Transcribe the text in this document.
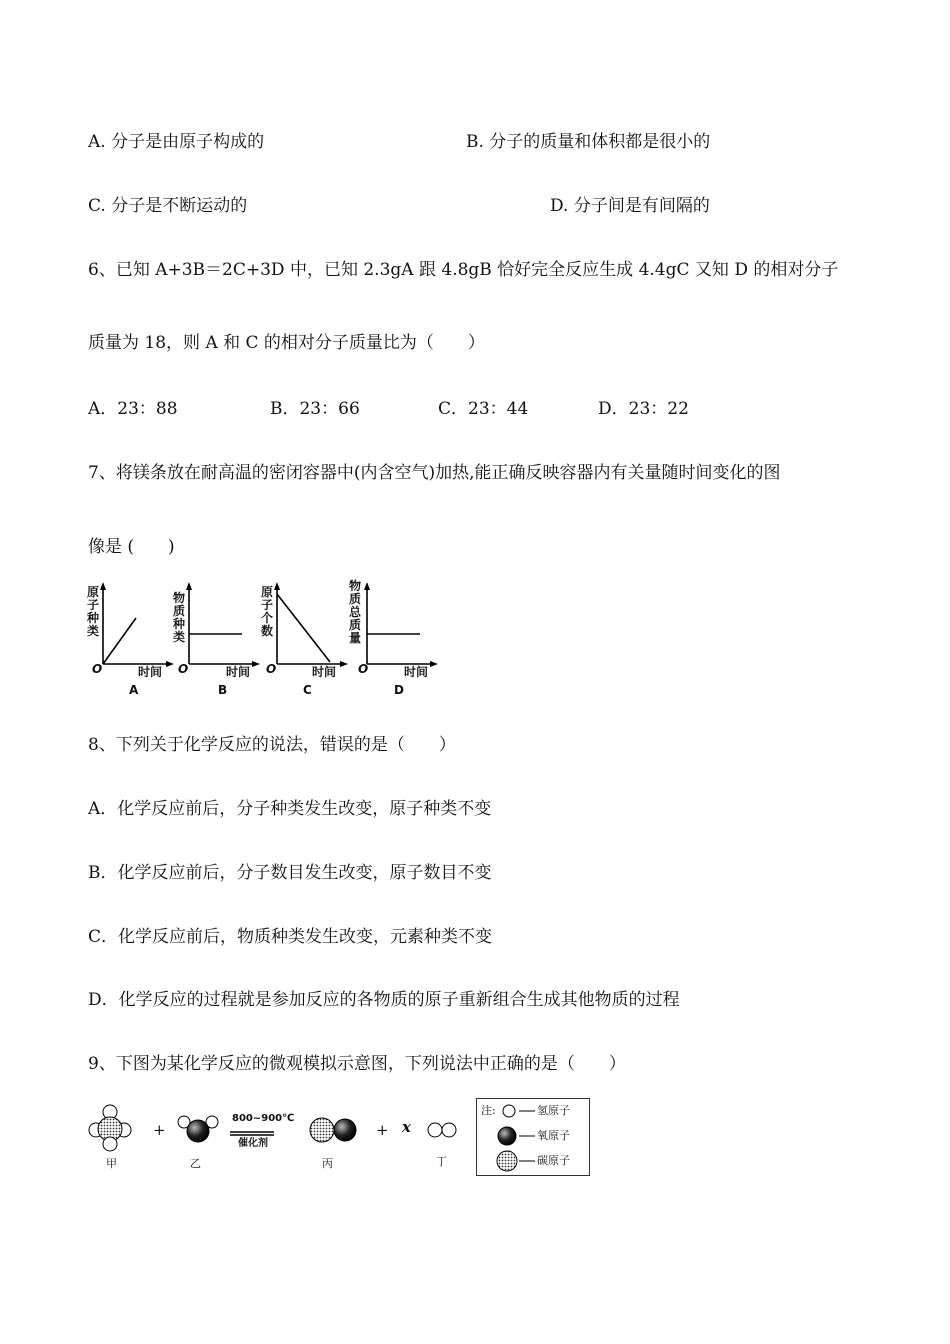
A. 分子是由原子构成的	B. 分子的质量和体积都是很小的
C. 分子是不断运动的	D. 分子间是有间隔的
6、已知 A+3B＝2C+3D 中，已知 2.3gA 跟 4.8gB 恰好完全反应生成 4.4gC 又知 D 的相对分子
质量为 18，则 A 和 C 的相对分子质量比为（　　）
A．23：88	B．23：66	C．23：44	D．23：22
7、将镁条放在耐高温的密闭容器中(内含空气)加热,能正确反映容器内有关量随时间变化的图
像是 (　　)
原子种类
O	时间
A
物质种类
O	时间
B
原子个数
O	时间
C
物质总质量
O	时间
D
8、下列关于化学反应的说法，错误的是（　　）
A．化学反应前后，分子种类发生改变，原子种类不变
B．化学反应前后，分子数目发生改变，原子数目不变
C．化学反应前后，物质种类发生改变，元素种类不变
D．化学反应的过程就是参加反应的各物质的原子重新组合生成其他物质的过程
9、下图为某化学反应的微观模拟示意图，下列说法中正确的是（　　）
+
800~900℃
催化剂
+ x
甲	乙	丙	丁
注:	氢原子
氧原子
碳原子
